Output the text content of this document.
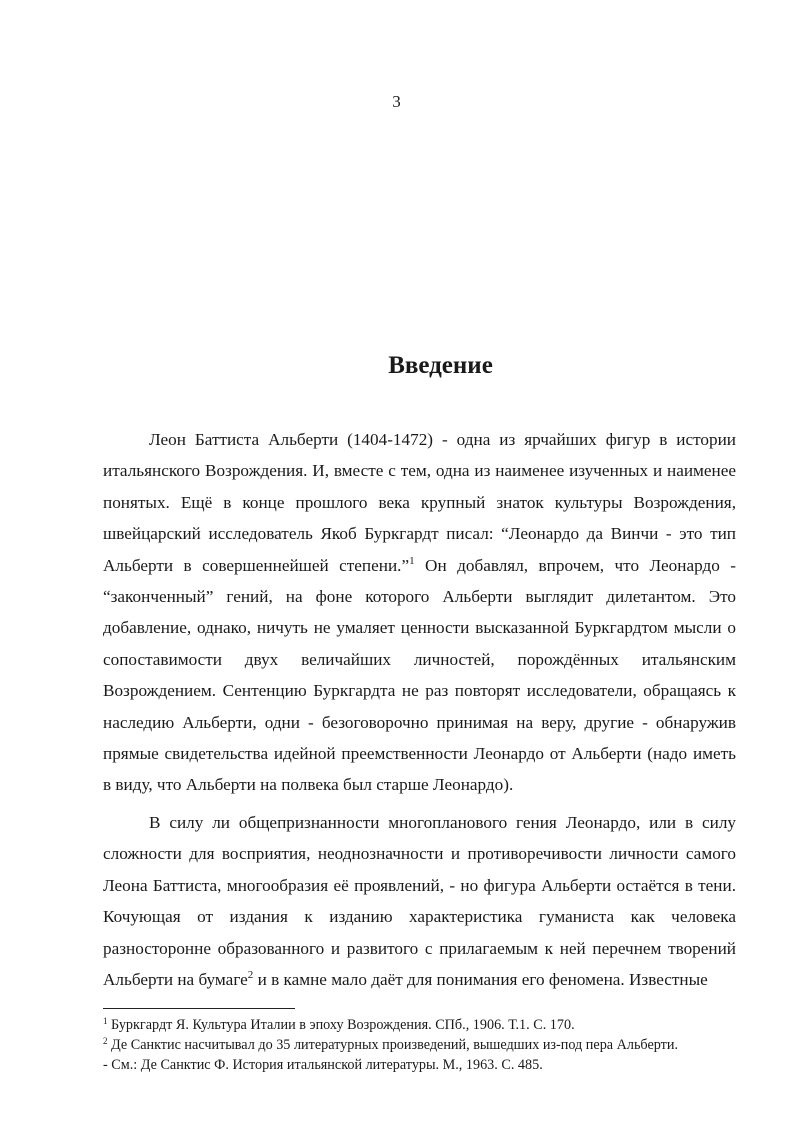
3
Введение

Леон Баттиста Альберти (1404-1472) - одна из ярчайших фигур в истории итальянского Возрождения. И, вместе с тем, одна из наименее изученных и наименее понятых. Ещё в конце прошлого века крупный знаток культуры Возрождения, швейцарский исследователь Якоб Буркгардт писал: “Леонардо да Винчи - это тип Альберти в совершеннейшей степени.”$^1$ Он добавлял, впрочем, что Леонардо - “законченный” гений, на фоне которого Альберти выглядит дилетантом. Это добавление, однако, ничуть не умаляет ценности высказанной Буркгардтом мысли о сопоставимости двух величайших личностей, порождённых итальянским Возрождением. Сентенцию Буркгардта не раз повторят исследователи, обращаясь к наследию Альберти, одни - безоговорочно принимая на веру, другие - обнаружив прямые свидетельства идейной преемственности Леонардо от Альберти (надо иметь в виду, что Альберти на полвека был старше Леонардо).

В силу ли общепризнанности многопланового гения Леонардо, или в силу сложности для восприятия, неоднозначности и противоречивости личности самого Леона Баттиста, многообразия её проявлений, - но фигура Альберти остаётся в тени. Кочующая от издания к изданию характеристика гуманиста как человека разносторонне образованного и развитого с прилагаемым к ней перечнем творений Альберти на бумаге$^2$ и в камне мало даёт для понимания его феномена. Известные

$^1$ Буркгардт Я. Культура Италии в эпоху Возрождения. СПб., 1906. Т.1. С. 170.

$^2$ Де Санктис насчитывал до 35 литературных произведений, вышедших из-под пера Альберти.

- См.: Де Санктис Ф. История итальянской литературы. М., 1963. С. 485.
